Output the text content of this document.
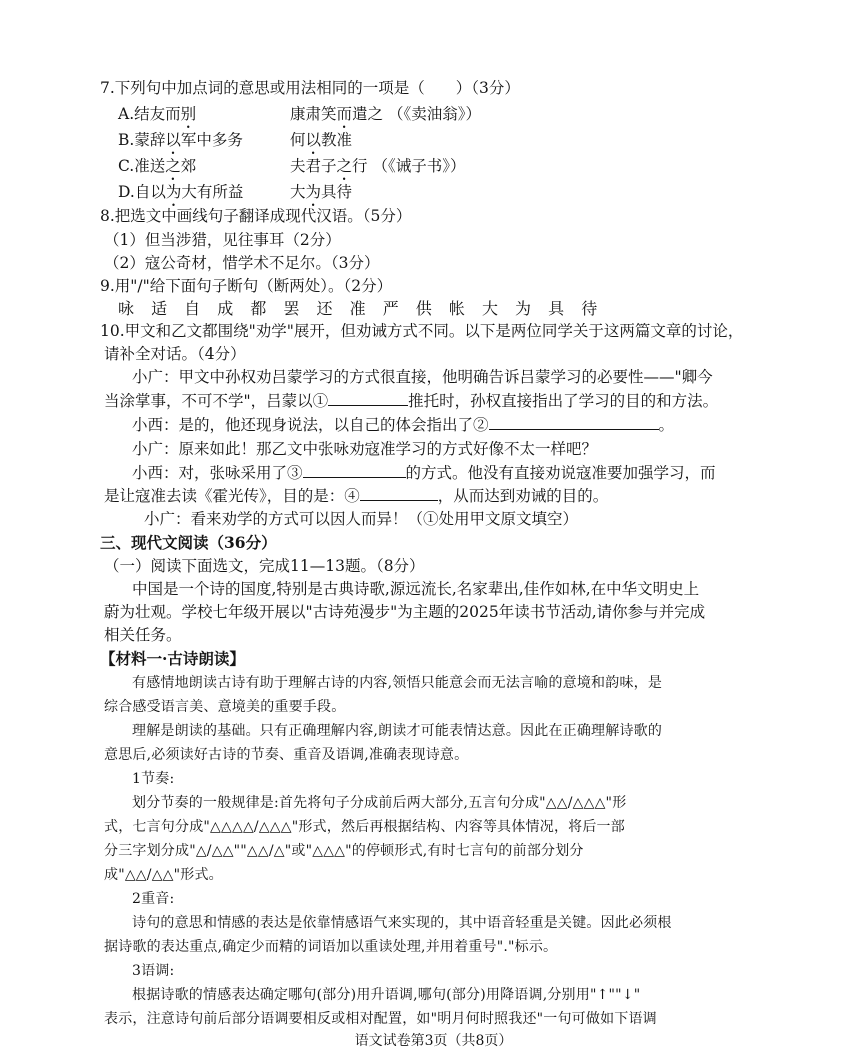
7.下列句中加点词的意思或用法相同的一项是（　　）（3分）
A.结友而别	康肃笑而遣之 （《卖油翁》）
B.蒙辞以军中多务	何以教准
C.准送之郊	夫君子之行 （《诫子书》）
D.自以为大有所益	大为具待
8.把选文中画线句子翻译成现代汉语。（5分）
（1）但当涉猎，见往事耳（2分）
（2）寇公奇材，惜学术不足尔。（3分）
9.用"/"给下面句子断句（断两处）。（2分）
咏 适 自 成 都 罢 还 准 严 供 帐 大 为 具 待
10.甲文和乙文都围绕"劝学"展开，但劝诫方式不同。以下是两位同学关于这两篇文章的讨论，
请补全对话。（4分）
小广：甲文中孙权劝吕蒙学习的方式很直接，他明确告诉吕蒙学习的必要性——"卿今
当涂掌事，不可不学"，吕蒙以①	推托时，孙权直接指出了学习的目的和方法。
小西：是的，他还现身说法，以自己的体会指出了②	。
小广：原来如此！那乙文中张咏劝寇准学习的方式好像不太一样吧？
小西：对，张咏采用了③	的方式。他没有直接劝说寇准要加强学习，而
是让寇准去读《霍光传》，目的是：④	，从而达到劝诫的目的。
小广：看来劝学的方式可以因人而异！（①处用甲文原文填空）
三、现代文阅读（36分）
（一）阅读下面选文，完成11—13题。（8分）
中国是一个诗的国度,特别是古典诗歌,源远流长,名家辈出,佳作如林,在中华文明史上
蔚为壮观。学校七年级开展以"古诗苑漫步"为主题的2025年读书节活动,请你参与并完成
相关任务。
【材料一·古诗朗读】
有感情地朗读古诗有助于理解古诗的内容,领悟只能意会而无法言喻的意境和韵味，是
综合感受语言美、意境美的重要手段。
理解是朗读的基础。只有正确理解内容,朗读才可能表情达意。因此在正确理解诗歌的
意思后,必须读好古诗的节奏、重音及语调,准确表现诗意。
1节奏:
划分节奏的一般规律是:首先将句子分成前后两大部分,五言句分成"△△/△△△"形
式，七言句分成"△△△△/△△△"形式，然后再根据结构、内容等具体情况，将后一部
分三字划分成"△/△△""△△/△"或"△△△"的停顿形式,有时七言句的前部分划分
成"△△/△△"形式。
2重音:
诗句的意思和情感的表达是依靠情感语气来实现的，其中语音轻重是关键。因此必须根
据诗歌的表达重点,确定少而精的词语加以重读处理,并用着重号"."标示。
3语调:
根据诗歌的情感表达确定哪句(部分)用升语调,哪句(部分)用降语调,分别用"↑""↓"
表示，注意诗句前后部分语调要相反或相对配置，如"明月何时照我还"一句可做如下语调
语文试卷第3页（共8页）
